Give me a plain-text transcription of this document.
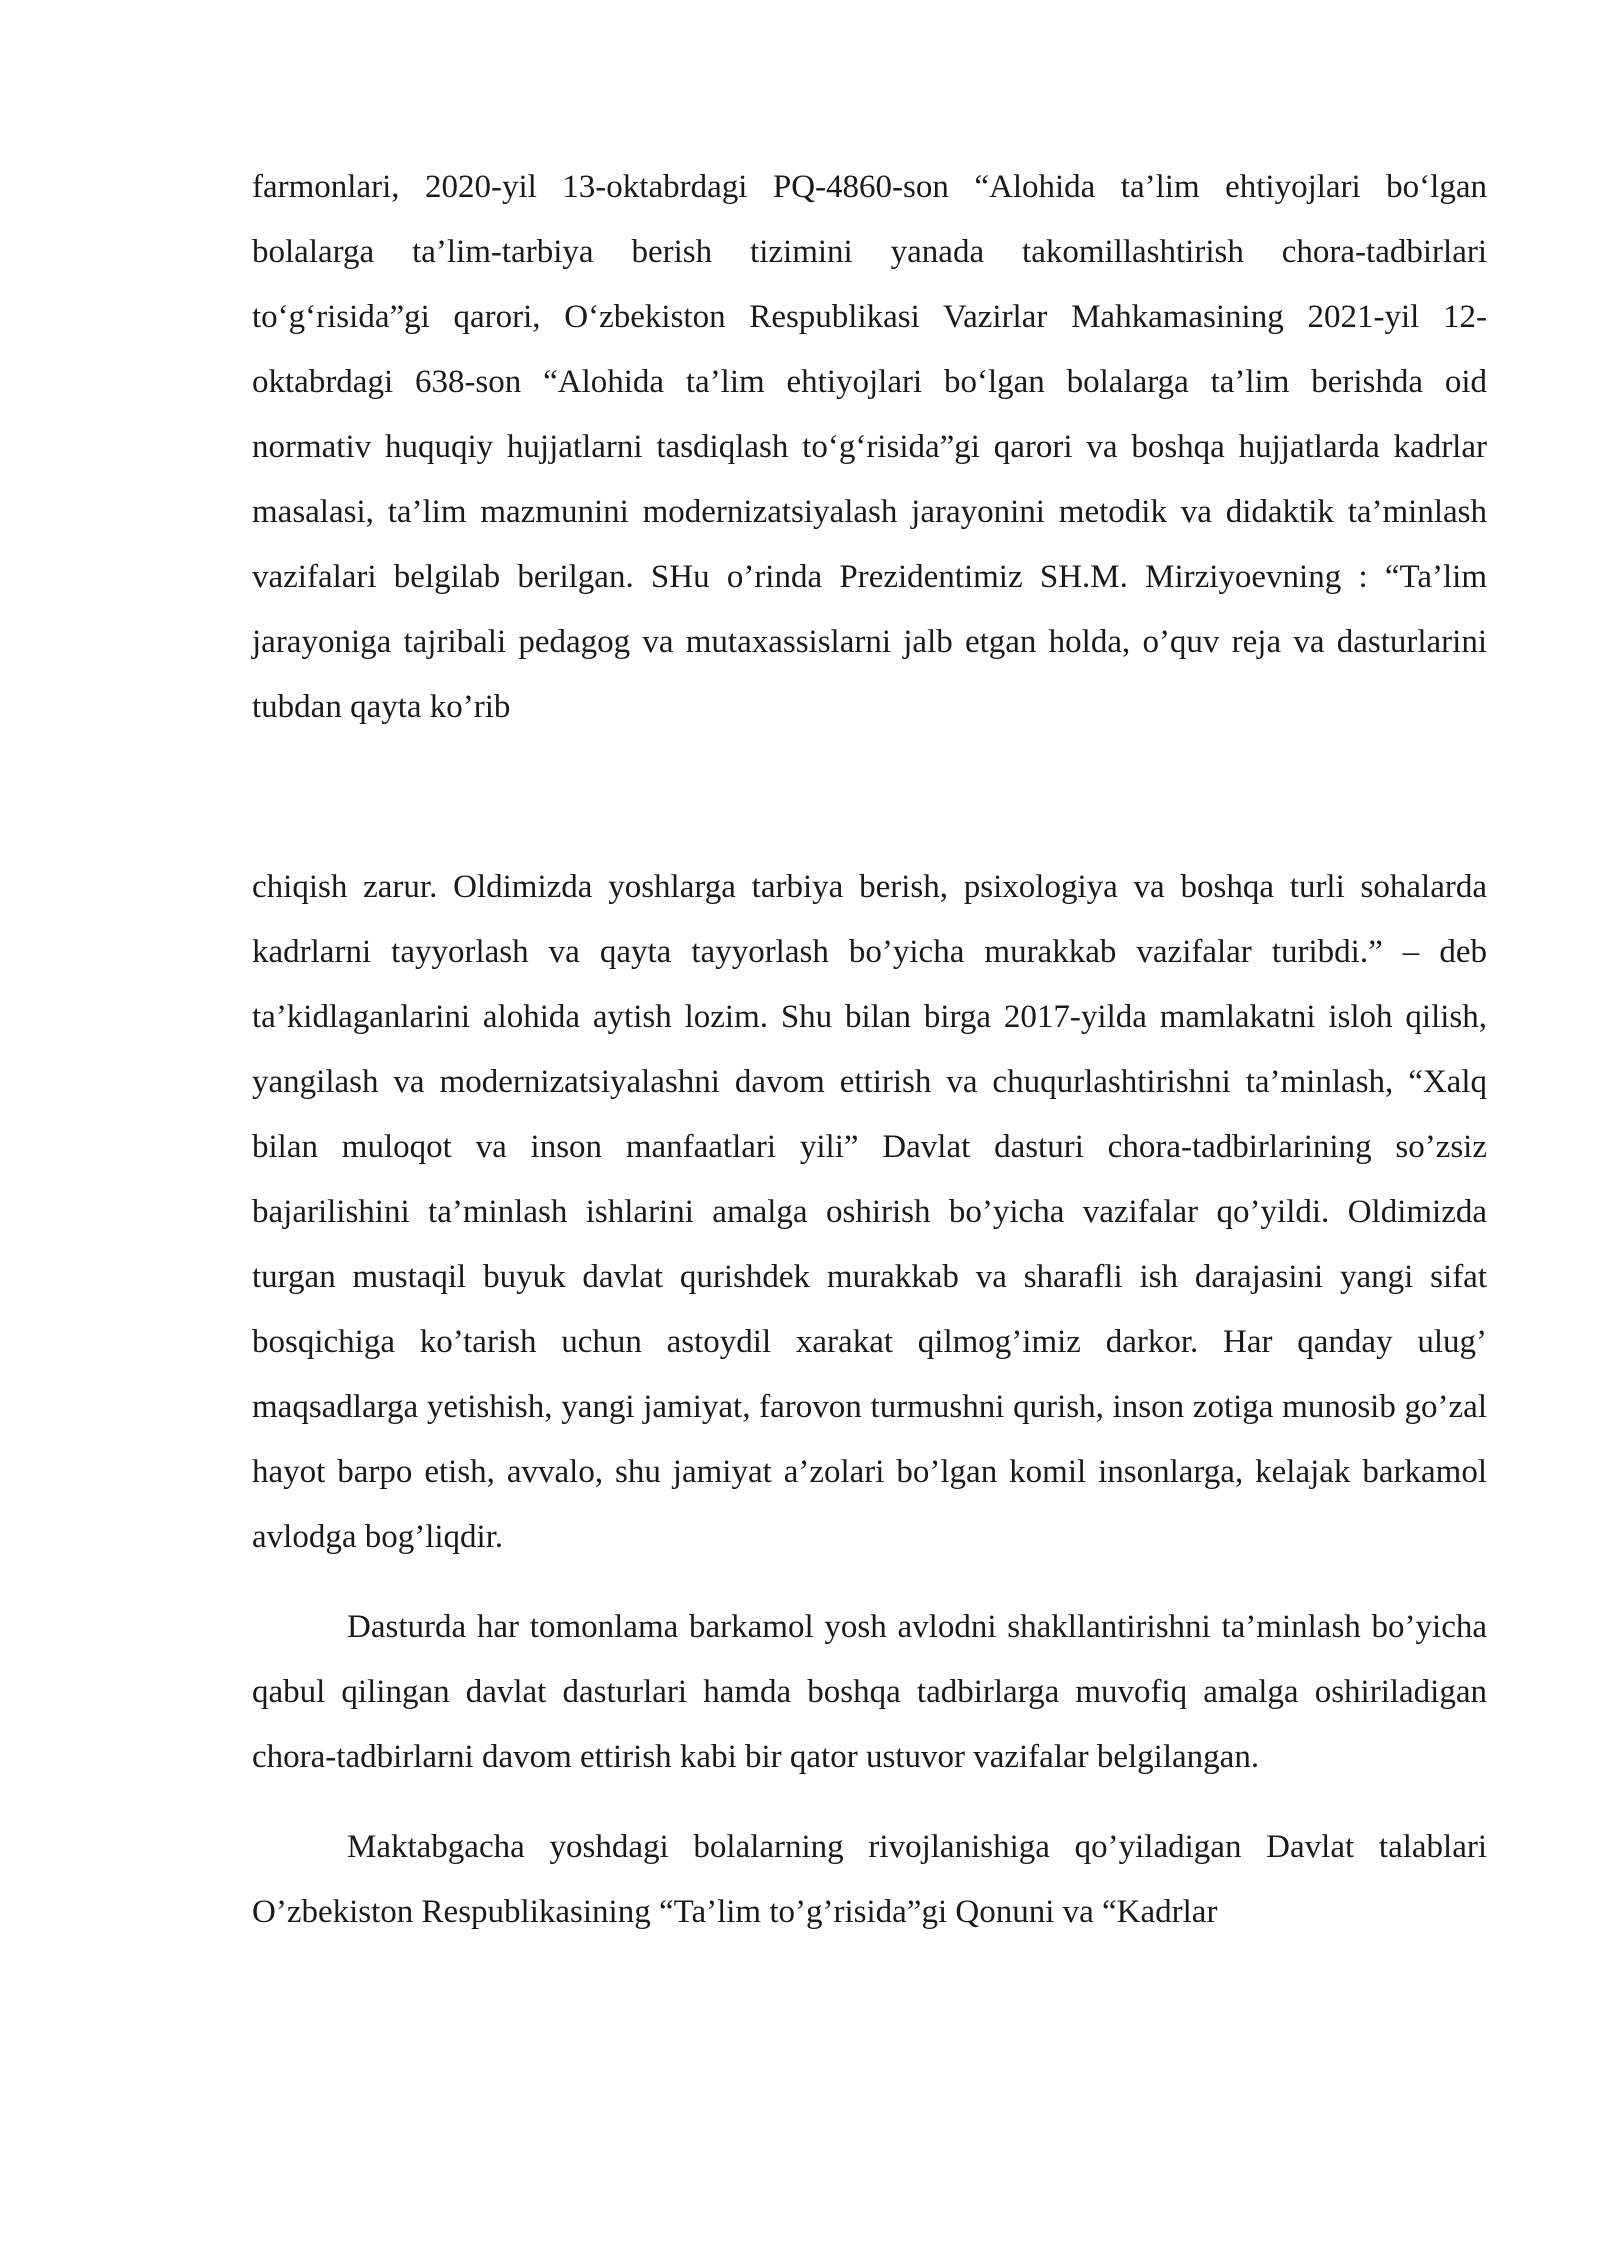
farmonlari, 2020-yil 13-oktabrdagi PQ-4860-son “Alohida ta’lim ehtiyojlari bo‘lgan bolalarga ta’lim-tarbiya berish tizimini yanada takomillashtirish chora-tadbirlari to‘g‘risida”gi qarori, O‘zbekiston Respublikasi Vazirlar Mahkamasining 2021-yil 12-oktabrdagi 638-son “Alohida ta’lim ehtiyojlari bo‘lgan bolalarga ta’lim berishda oid normativ huquqiy hujjatlarni tasdiqlash to‘g‘risida”gi qarori va boshqa hujjatlarda kadrlar masalasi, ta’lim mazmunini modernizatsiyalash jarayonini metodik va didaktik ta’minlash vazifalari belgilab berilgan. SHu o’rinda Prezidentimiz SH.M. Mirziyoevning : “Ta’lim jarayoniga tajribali pedagog va mutaxassislarni jalb etgan holda, o’quv reja va dasturlarini tubdan qayta ko’rib

chiqish zarur. Oldimizda yoshlarga tarbiya berish, psixologiya va boshqa turli sohalarda kadrlarni tayyorlash va qayta tayyorlash bo’yicha murakkab vazifalar turibdi.” – deb ta’kidlaganlarini alohida aytish lozim. Shu bilan birga 2017-yilda mamlakatni isloh qilish, yangilash va modernizatsiyalashni davom ettirish va chuqurlashtirishni ta’minlash, “Xalq bilan muloqot va inson manfaatlari yili” Davlat dasturi chora-tadbirlarining so’zsiz bajarilishini ta’minlash ishlarini amalga oshirish bo’yicha vazifalar qo’yildi. Oldimizda turgan mustaqil buyuk davlat qurishdek murakkab va sharafli ish darajasini yangi sifat bosqichiga ko’tarish uchun astoydil xarakat qilmog’imiz darkor. Har qanday ulug’ maqsadlarga yetishish, yangi jamiyat, farovon turmushni qurish, inson zotiga munosib go’zal hayot barpo etish, avvalo, shu jamiyat a’zolari bo’lgan komil insonlarga, kelajak barkamol avlodga bog’liqdir.

Dasturda har tomonlama barkamol yosh avlodni shakllantirishni ta’minlash bo’yicha qabul qilingan davlat dasturlari hamda boshqa tadbirlarga muvofiq amalga oshiriladigan chora-tadbirlarni davom ettirish kabi bir qator ustuvor vazifalar belgilangan.

Maktabgacha yoshdagi bolalarning rivojlanishiga qo’yiladigan Davlat talablari O’zbekiston Respublikasining “Ta’lim to’g’risida”gi Qonuni va “Kadrlar
